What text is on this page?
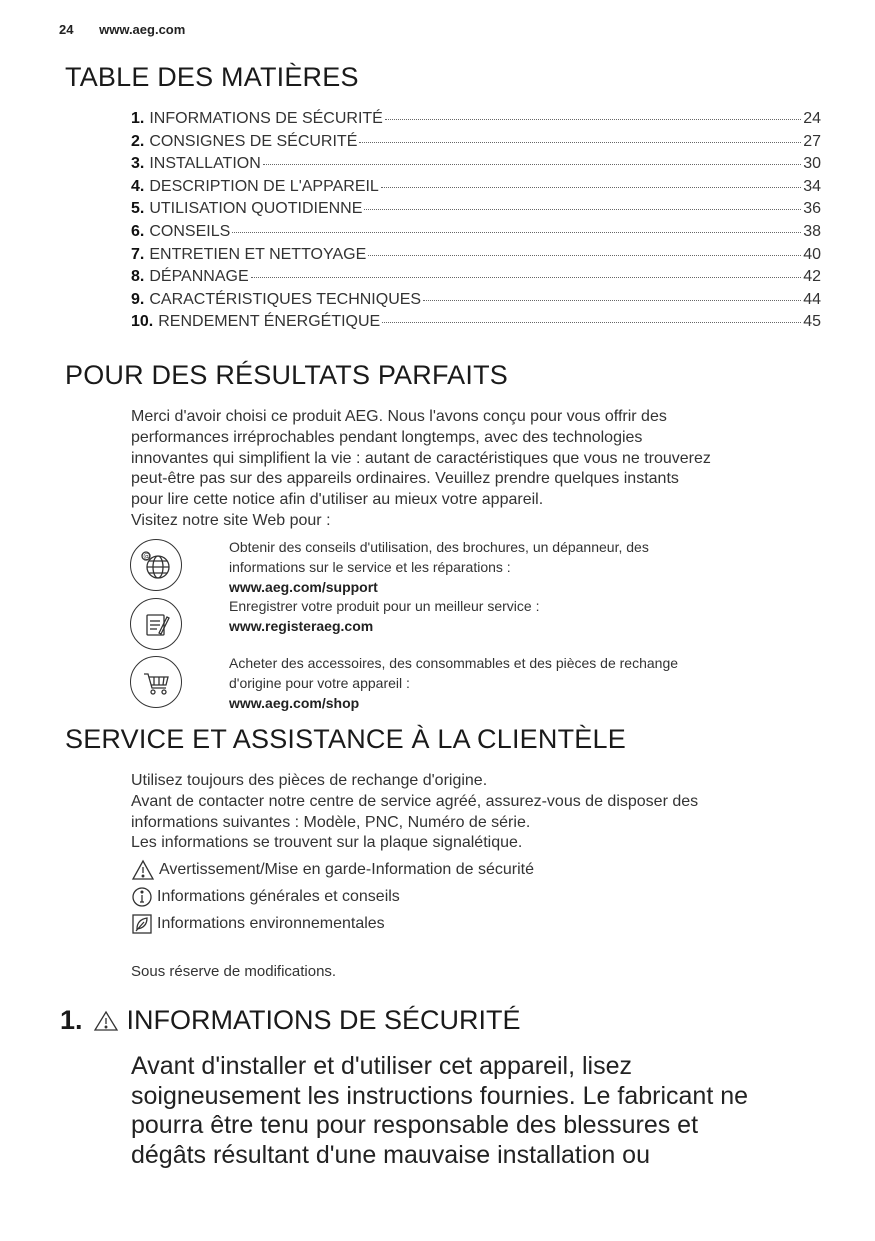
24 www.aeg.com
TABLE DES MATIÈRES
1. INFORMATIONS DE SÉCURITÉ	24
2. CONSIGNES DE SÉCURITÉ	27
3. INSTALLATION	30
4. DESCRIPTION DE L'APPAREIL	34
5. UTILISATION QUOTIDIENNE	36
6. CONSEILS	38
7. ENTRETIEN ET NETTOYAGE	40
8. DÉPANNAGE	42
9. CARACTÉRISTIQUES TECHNIQUES	44
10. RENDEMENT ÉNERGÉTIQUE	45
POUR DES RÉSULTATS PARFAITS
Merci d'avoir choisi ce produit AEG. Nous l'avons conçu pour vous offrir des
performances irréprochables pendant longtemps, avec des technologies
innovantes qui simplifient la vie : autant de caractéristiques que vous ne trouverez
peut-être pas sur des appareils ordinaires. Veuillez prendre quelques instants
pour lire cette notice afin d'utiliser au mieux votre appareil.
Visitez notre site Web pour :
@
Obtenir des conseils d'utilisation, des brochures, un dépanneur, des
informations sur le service et les réparations :
www.aeg.com/support
Enregistrer votre produit pour un meilleur service :
www.registeraeg.com
Acheter des accessoires, des consommables et des pièces de rechange
d'origine pour votre appareil :
www.aeg.com/shop
SERVICE ET ASSISTANCE À LA CLIENTÈLE
Utilisez toujours des pièces de rechange d'origine.
Avant de contacter notre centre de service agréé, assurez-vous de disposer des
informations suivantes : Modèle, PNC, Numéro de série.
Les informations se trouvent sur la plaque signalétique.
Avertissement/Mise en garde-Information de sécurité
Informations générales et conseils
Informations environnementales
Sous réserve de modifications.
1. INFORMATIONS DE SÉCURITÉ
Avant d'installer et d'utiliser cet appareil, lisez
soigneusement les instructions fournies. Le fabricant ne
pourra être tenu pour responsable des blessures et
dégâts résultant d'une mauvaise installation ou
